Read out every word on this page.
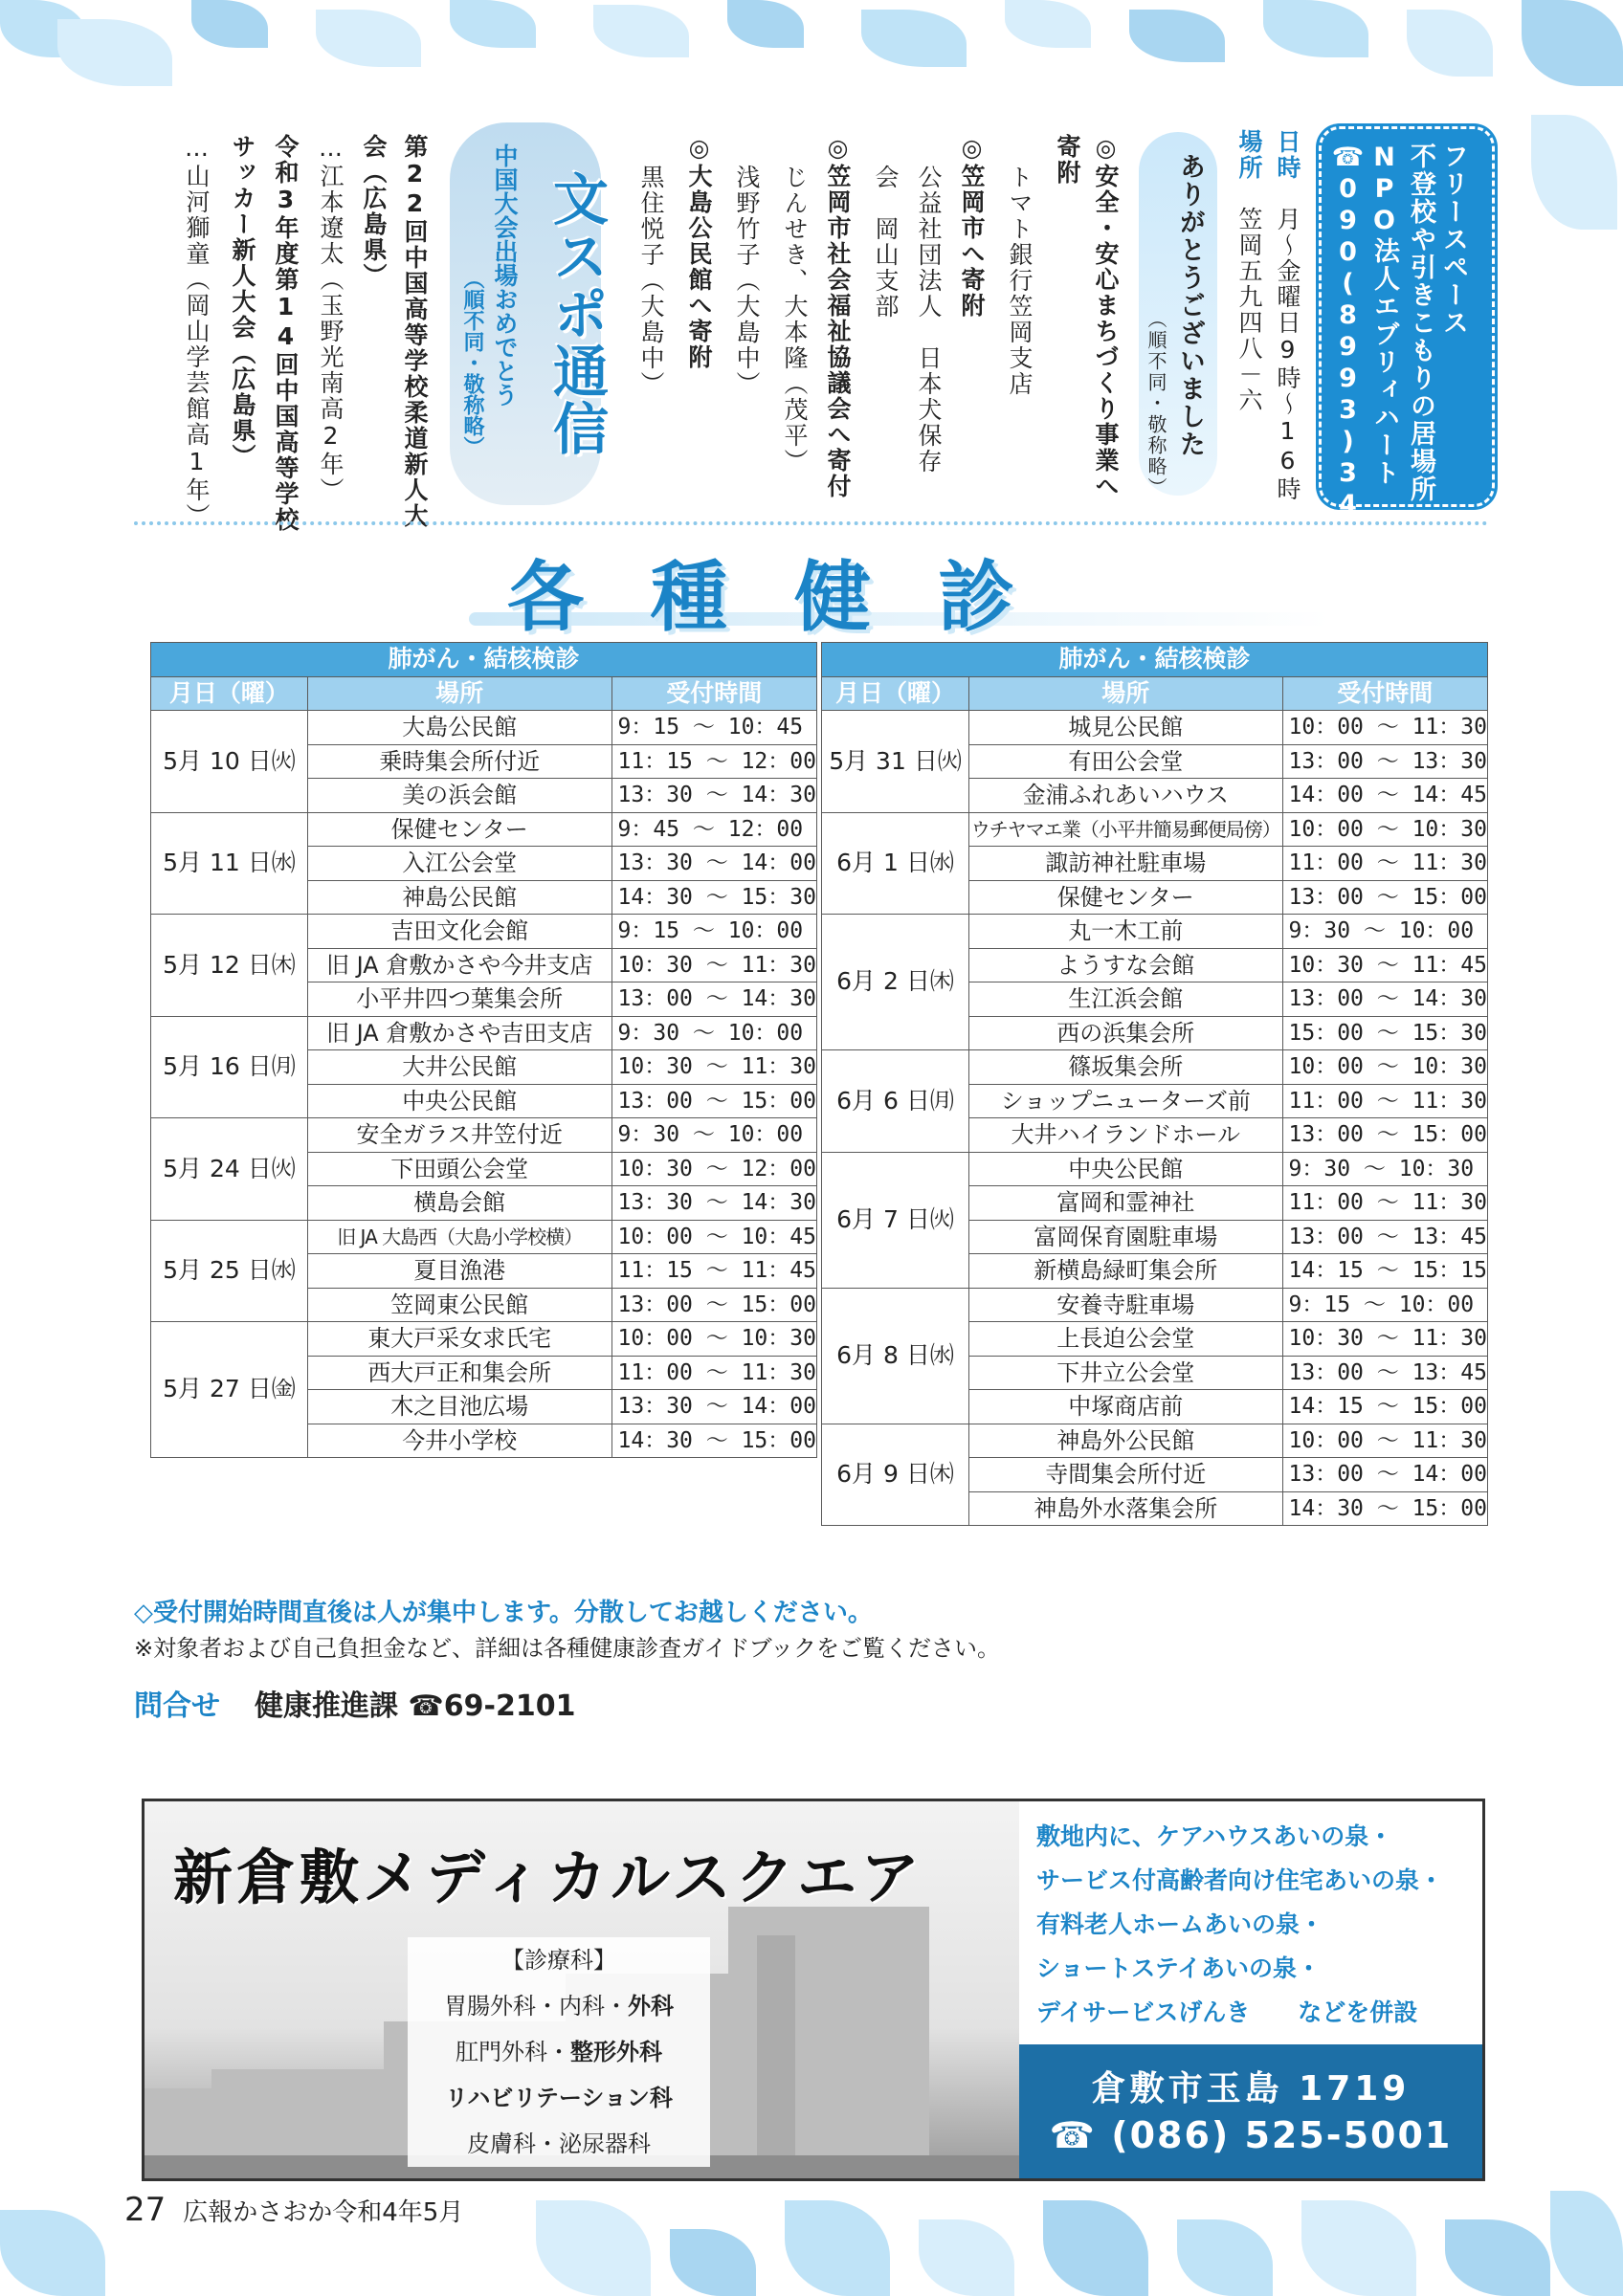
フリースペース
不登校や引きこもりの居場所
NPO法人エブリィハート
☎090(8993)3480
日時　月～金曜日9時～16時
場所　笠岡五九四八－六
ありがとうございました
（順不同・敬称略）
◎安全・安心まちづくり事業へ
寄附
トマト銀行笠岡支店
◎笠岡市へ寄附
公益社団法人　日本犬保存
会　岡山支部
◎笠岡市社会福祉協議会へ寄付
じんせき、大本隆（茂平）
浅野竹子（大島中）
◎大島公民館へ寄附
黒住悦子（大島中）
文スポ通信
中国大会出場おめでとう
（順不同・敬称略）
第22回中国高等学校柔道新人大
会（広島県）
…江本遼太（玉野光南高2年）
令和3年度第14回中国高等学校
サッカー新人大会（広島県）
…山河獅童（岡山学芸館高1年）
各種健診
肺がん・結核検診		
月日（曜）	場所	受付時間
5月 10 日㈫	大島公民館	9：15 ～ 10：45
	乗時集会所付近	11：15 ～ 12：00
	美の浜会館	13：30 ～ 14：30
5月 11 日㈬	保健センター	9：45 ～ 12：00
	入江公会堂	13：30 ～ 14：00
	神島公民館	14：30 ～ 15：30
5月 12 日㈭	吉田文化会館	9：15 ～ 10：00
	旧 JA 倉敷かさや今井支店	10：30 ～ 11：30
	小平井四つ葉集会所	13：00 ～ 14：30
5月 16 日㈪	旧 JA 倉敷かさや吉田支店	9：30 ～ 10：00
	大井公民館	10：30 ～ 11：30
	中央公民館	13：00 ～ 15：00
5月 24 日㈫	安全ガラス井笠付近	9：30 ～ 10：00
	下田頭公会堂	10：30 ～ 12：00
	横島会館	13：30 ～ 14：30
5月 25 日㈬	旧 JA 大島西（大島小学校横）	10：00 ～ 10：45
	夏目漁港	11：15 ～ 11：45
	笠岡東公民館	13：00 ～ 15：00
5月 27 日㈮	東大戸采女求氏宅	10：00 ～ 10：30
	西大戸正和集会所	11：00 ～ 11：30
	木之目池広場	13：30 ～ 14：00
	今井小学校	14：30 ～ 15：00
肺がん・結核検診		
月日（曜）	場所	受付時間
5月 31 日㈫	城見公民館	10：00 ～ 11：30
	有田公会堂	13：00 ～ 13：30
	金浦ふれあいハウス	14：00 ～ 14：45
6月 1 日㈬	ウチヤマエ業（小平井簡易郵便局傍）	10：00 ～ 10：30
	諏訪神社駐車場	11：00 ～ 11：30
	保健センター	13：00 ～ 15：00
6月 2 日㈭	丸一木工前	9：30 ～ 10：00
	ようすな会館	10：30 ～ 11：45
	生江浜会館	13：00 ～ 14：30
	西の浜集会所	15：00 ～ 15：30
6月 6 日㈪	篠坂集会所	10：00 ～ 10：30
	ショップニューターズ前	11：00 ～ 11：30
	大井ハイランドホール	13：00 ～ 15：00
6月 7 日㈫	中央公民館	9：30 ～ 10：30
	富岡和霊神社	11：00 ～ 11：30
	富岡保育園駐車場	13：00 ～ 13：45
	新横島緑町集会所	14：15 ～ 15：15
6月 8 日㈬	安養寺駐車場	9：15 ～ 10：00
	上長迫公会堂	10：30 ～ 11：30
	下井立公会堂	13：00 ～ 13：45
	中塚商店前	14：15 ～ 15：00
6月 9 日㈭	神島外公民館	10：00 ～ 11：30
	寺間集会所付近	13：00 ～ 14：00
	神島外水落集会所	14：30 ～ 15：00
◇受付開始時間直後は人が集中します。分散してお越しください。
※対象者および自己負担金など、詳細は各種健康診査ガイドブックをご覧ください。
問合せ 健康推進課 ☎69-2101
新倉敷メディカルスクエア
【診療科】
胃腸外科・内科・外科
肛門外科・整形外科
リハビリテーション科
皮膚科・泌尿器科
敷地内に、ケアハウスあいの泉・
サービス付高齢者向け住宅あいの泉・
有料老人ホームあいの泉・
ショートステイあいの泉・
デイサービスげんき　　などを併設
倉敷市玉島 1719
☎ (086) 525-5001
27 広報かさおか令和4年5月
